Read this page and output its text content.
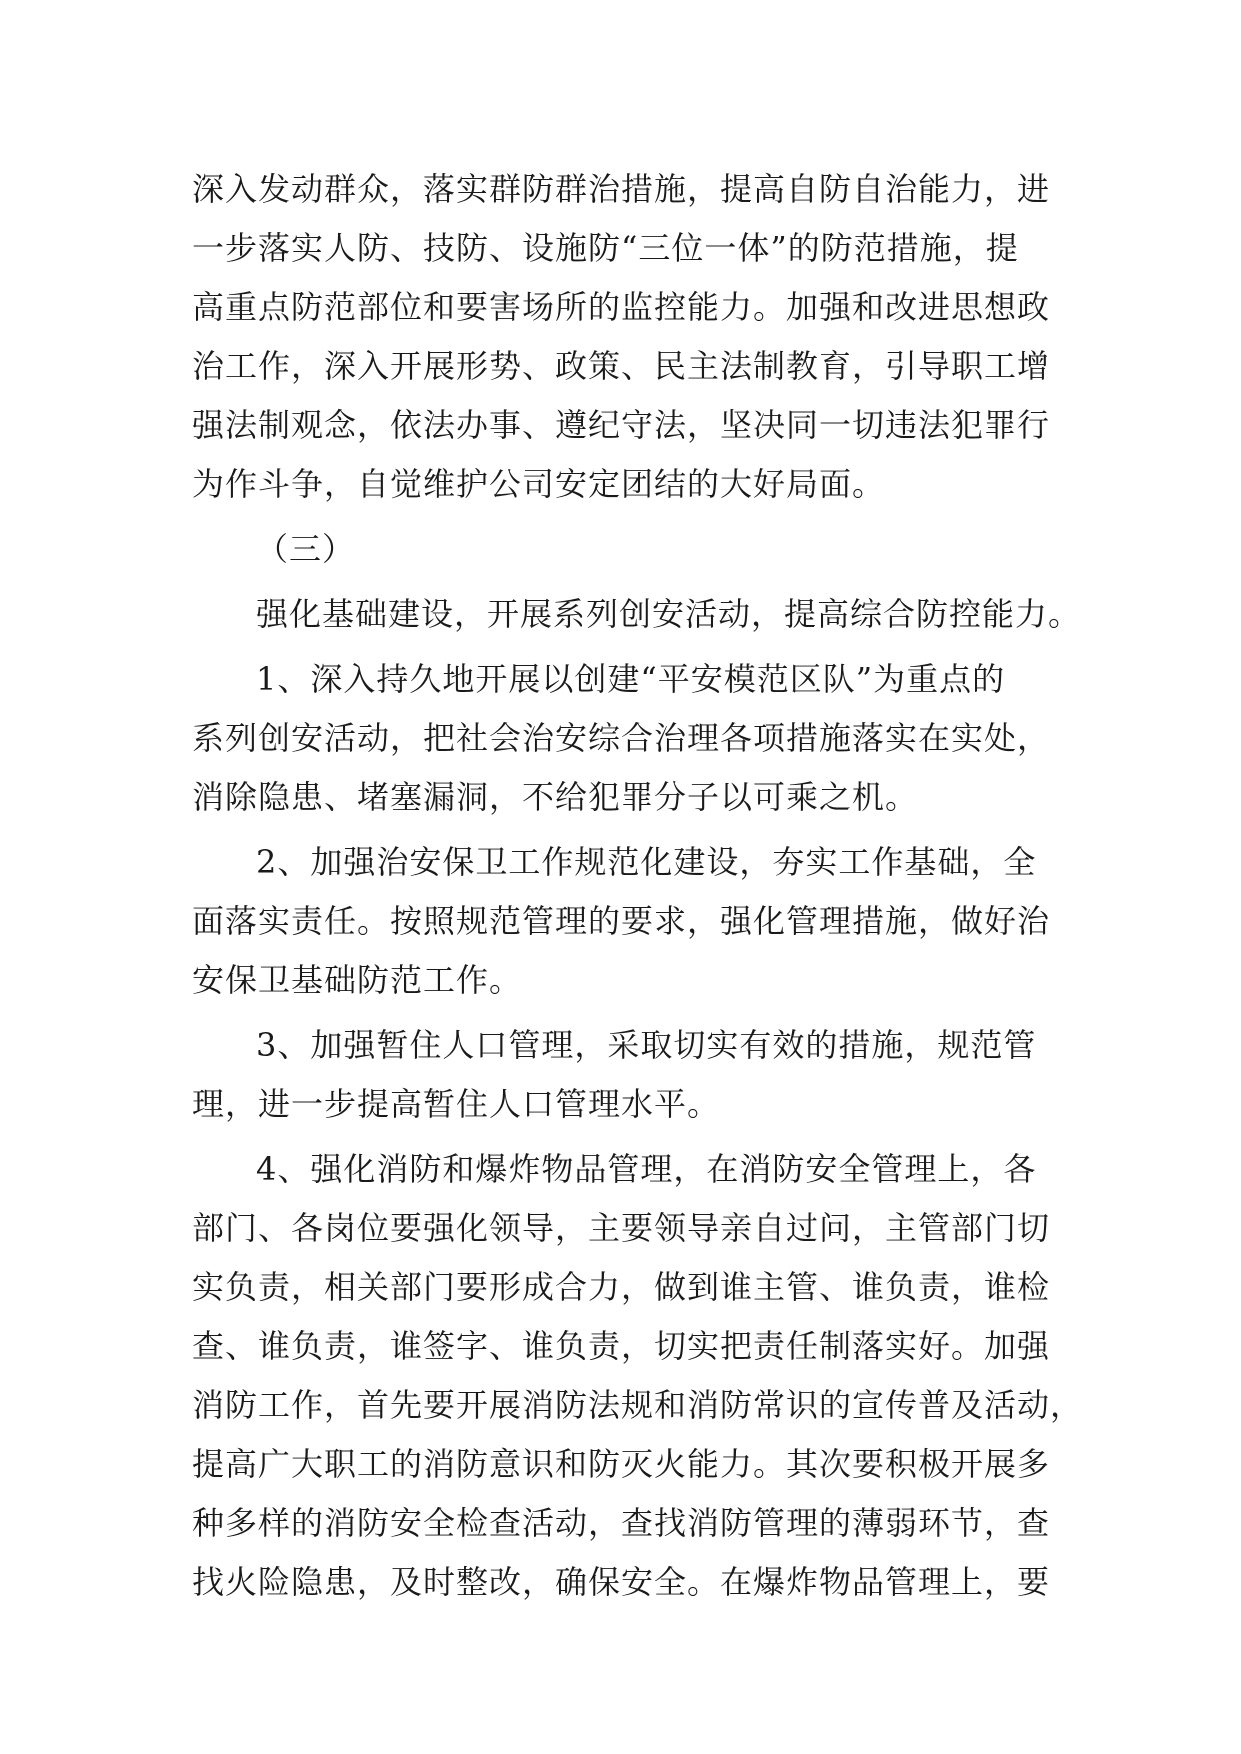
深入发动群众，落实群防群治措施，提高自防自治能力，进
一步落实人防、技防、设施防“三位一体”的防范措施，提
高重点防范部位和要害场所的监控能力。加强和改进思想政
治工作，深入开展形势、政策、民主法制教育，引导职工增
强法制观念，依法办事、遵纪守法，坚决同一切违法犯罪行
为作斗争，自觉维护公司安定团结的大好局面。
（三）
强化基础建设，开展系列创安活动，提高综合防控能力。
1、深入持久地开展以创建“平安模范区队”为重点的
系列创安活动，把社会治安综合治理各项措施落实在实处，
消除隐患、堵塞漏洞，不给犯罪分子以可乘之机。
2、加强治安保卫工作规范化建设，夯实工作基础，全
面落实责任。按照规范管理的要求，强化管理措施，做好治
安保卫基础防范工作。
3、加强暂住人口管理，采取切实有效的措施，规范管
理，进一步提高暂住人口管理水平。
4、强化消防和爆炸物品管理，在消防安全管理上，各
部门、各岗位要强化领导，主要领导亲自过问，主管部门切
实负责，相关部门要形成合力，做到谁主管、谁负责，谁检
查、谁负责，谁签字、谁负责，切实把责任制落实好。加强
消防工作，首先要开展消防法规和消防常识的宣传普及活动，
提高广大职工的消防意识和防灭火能力。其次要积极开展多
种多样的消防安全检查活动，查找消防管理的薄弱环节，查
找火险隐患，及时整改，确保安全。在爆炸物品管理上，要
